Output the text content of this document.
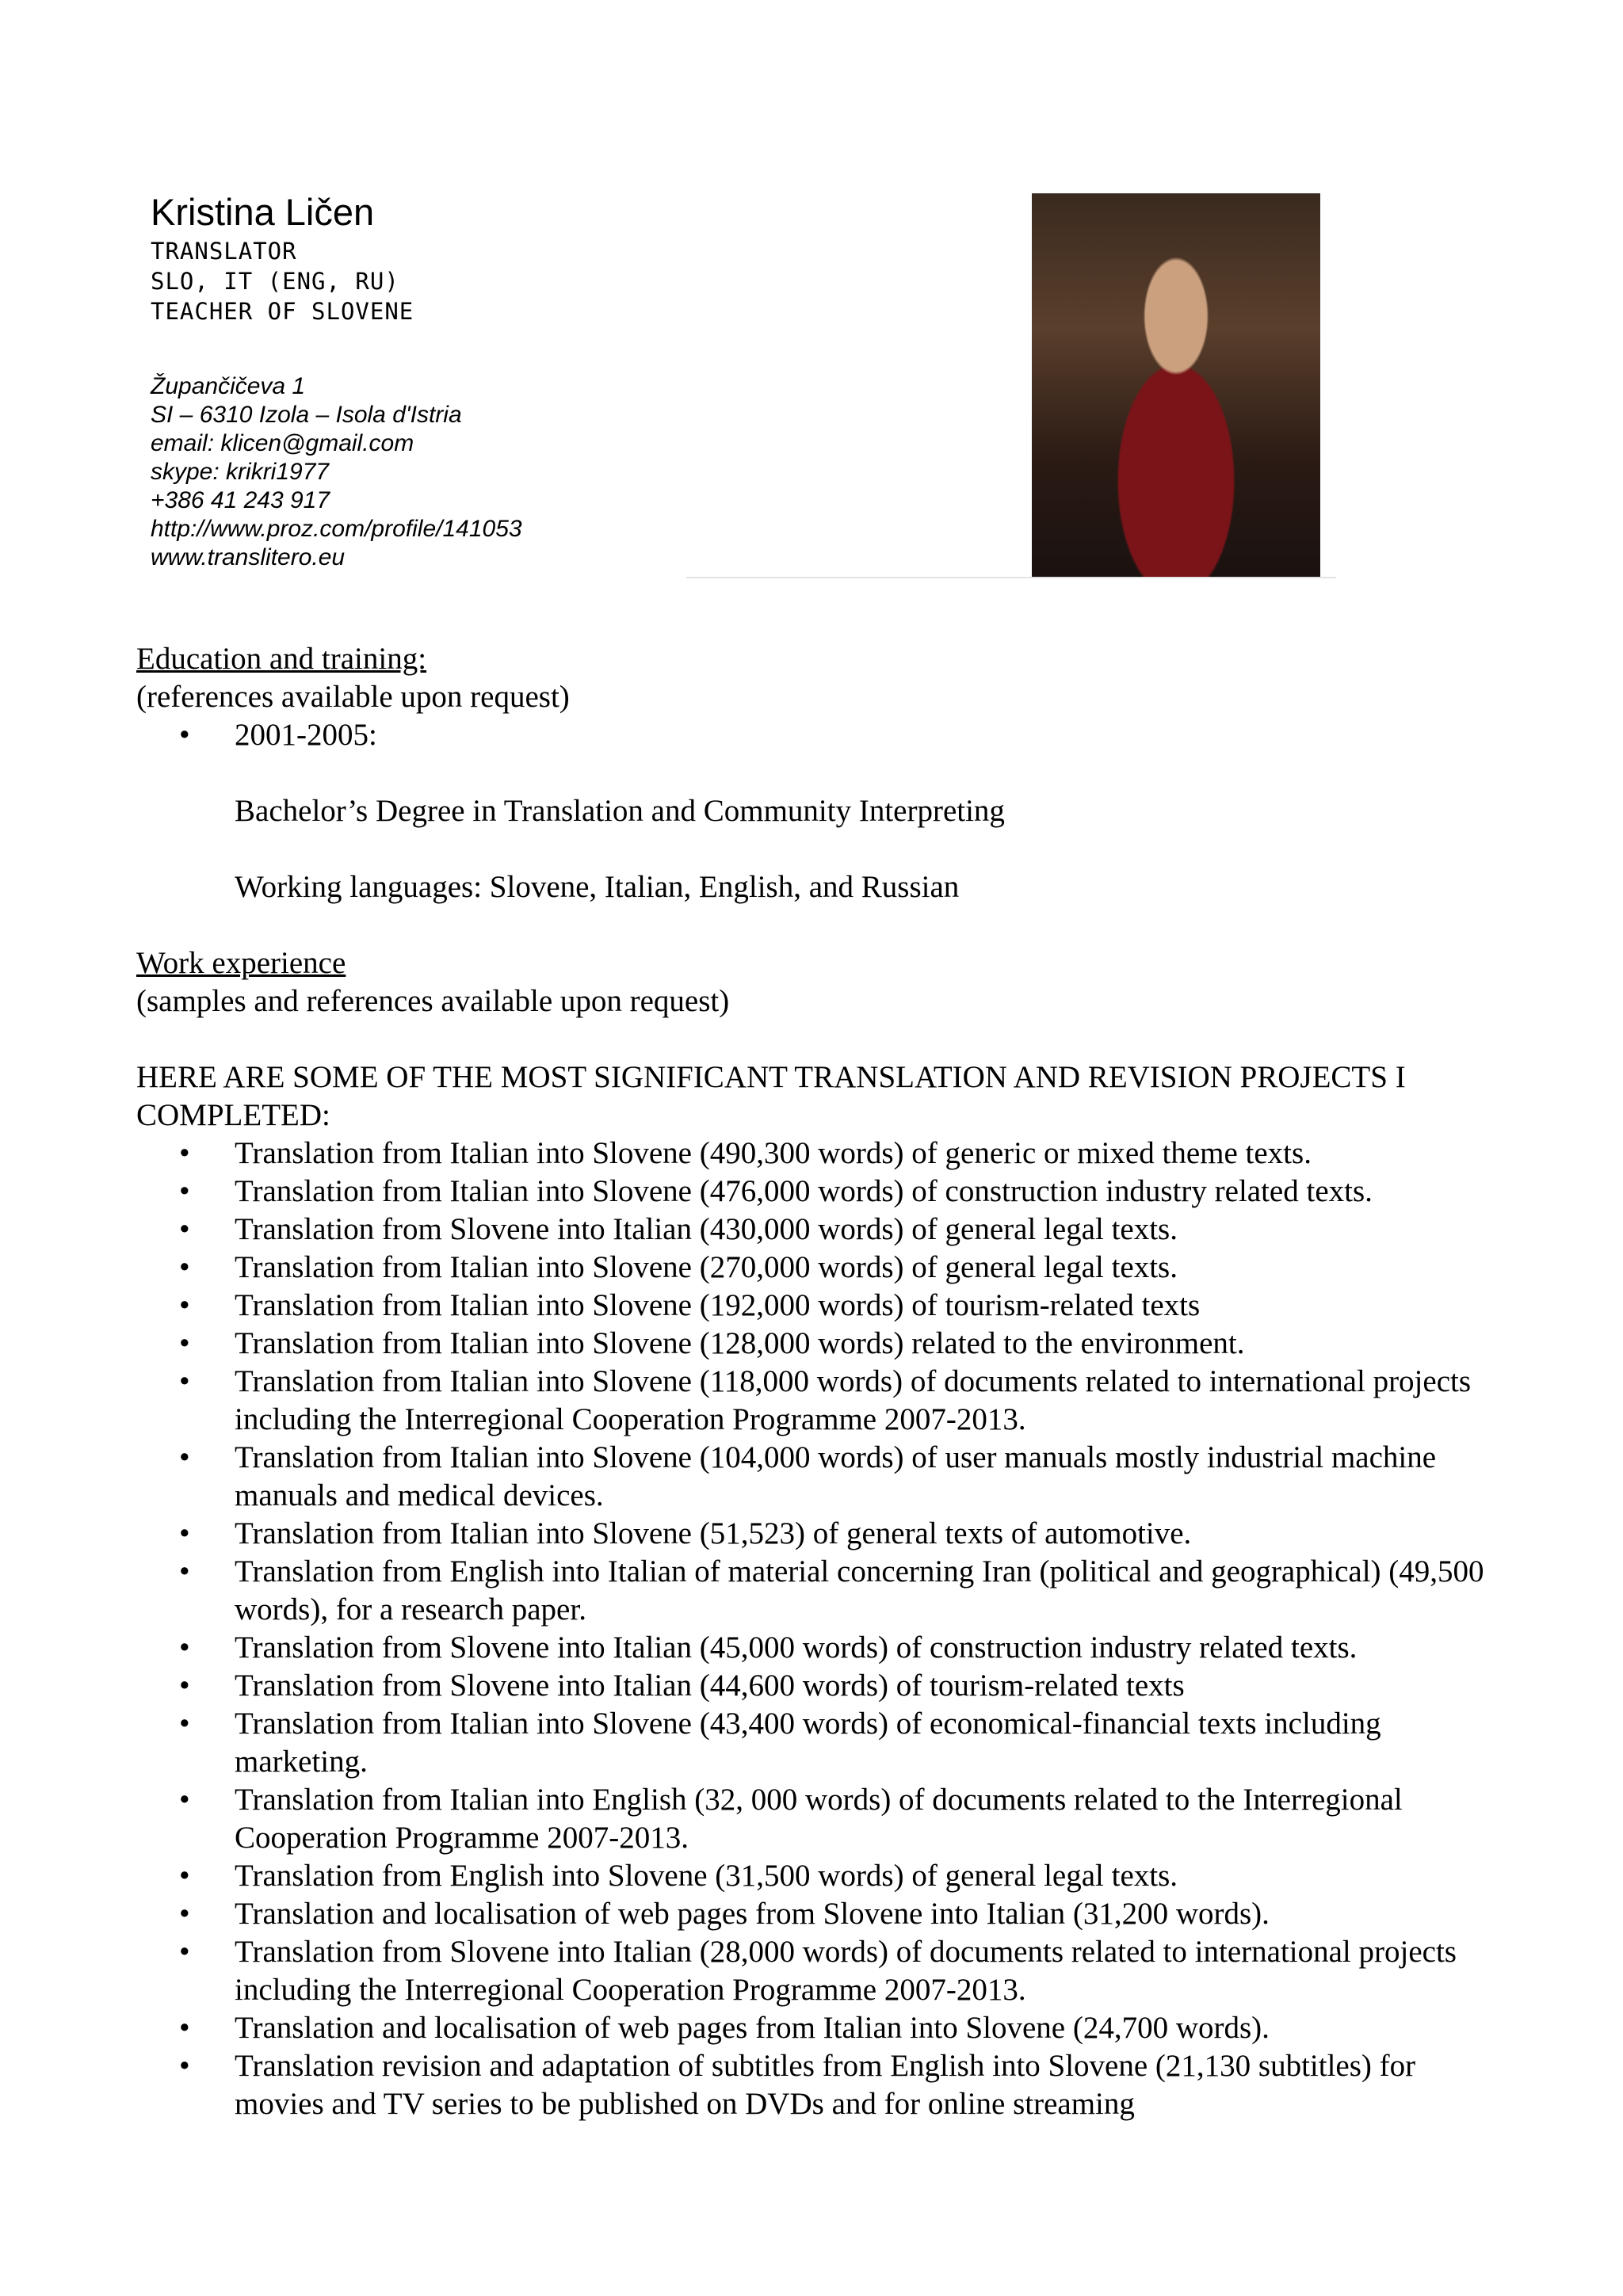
Kristina Ličen
TRANSLATOR
SLO, IT (ENG, RU)
TEACHER OF SLOVENE
Župančičeva 1
SI – 6310 Izola – Isola d'Istria
email: klicen@gmail.com
skype: krikri1977
+386 41 243 917
http://www.proz.com/profile/141053
www.translitero.eu

Education and training:

(references available upon request)

• 2001-2005:

Bachelor’s Degree in Translation and Community Interpreting

Working languages: Slovene, Italian, English, and Russian

Work experience

(samples and references available upon request)

HERE ARE SOME OF THE MOST SIGNIFICANT TRANSLATION AND REVISION PROJECTS I COMPLETED:

• Translation from Italian into Slovene (490,300 words) of generic or mixed theme texts.
• Translation from Italian into Slovene (476,000 words) of construction industry related texts.
• Translation from Slovene into Italian (430,000 words) of general legal texts.
• Translation from Italian into Slovene (270,000 words) of general legal texts.
• Translation from Italian into Slovene (192,000 words) of tourism-related texts
• Translation from Italian into Slovene (128,000 words) related to the environment.
• Translation from Italian into Slovene (118,000 words) of documents related to international projects including the Interregional Cooperation Programme 2007-2013.
• Translation from Italian into Slovene (104,000 words) of user manuals mostly industrial machine manuals and medical devices.
• Translation from Italian into Slovene (51,523) of general texts of automotive.
• Translation from English into Italian of material concerning Iran (political and geographical) (49,500 words), for a research paper.
• Translation from Slovene into Italian (45,000 words) of construction industry related texts.
• Translation from Slovene into Italian (44,600 words) of tourism-related texts
• Translation from Italian into Slovene (43,400 words) of economical-financial texts including marketing.
• Translation from Italian into English (32, 000 words) of documents related to the Interregional Cooperation Programme 2007-2013.
• Translation from English into Slovene (31,500 words) of general legal texts.
• Translation and localisation of web pages from Slovene into Italian (31,200 words).
• Translation from Slovene into Italian (28,000 words) of documents related to international projects including the Interregional Cooperation Programme 2007-2013.
• Translation and localisation of web pages from Italian into Slovene (24,700 words).
• Translation revision and adaptation of subtitles from English into Slovene (21,130 subtitles) for movies and TV series to be published on DVDs and for online streaming
